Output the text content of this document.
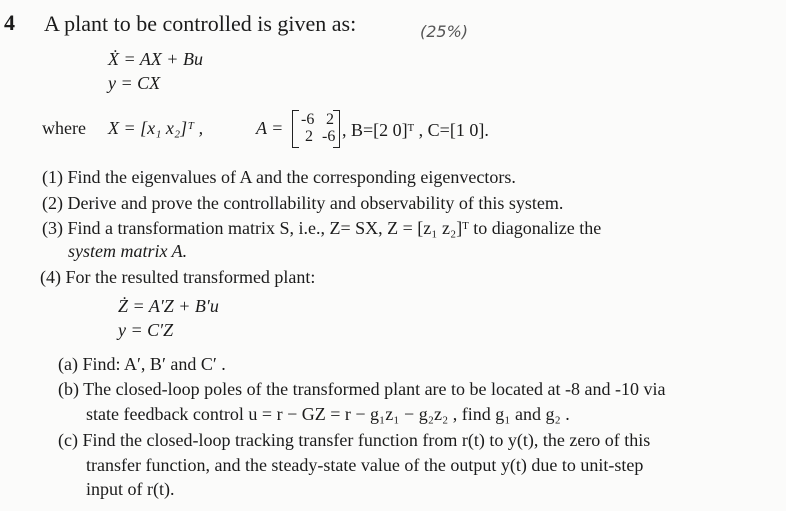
4 A plant to be controlled is given as:	(25%)
Ẋ = AX + Bu
y = CX
where X = [x₁ x₂]ᵀ ,	A = -6 2
2 -6 , B=[2 0]ᵀ , C=[1 0].
(1) Find the eigenvalues of A and the corresponding eigenvectors.
(2) Derive and prove the controllability and observability of this system.
(3) Find a transformation matrix S, i.e., Z= SX, Z = [z₁ z₂]ᵀ to diagonalize the
system matrix A.
(4) For the resulted transformed plant:
Ż = A′Z + B′u
y = C′Z
(a) Find: A′, B′ and C′ .
(b) The closed-loop poles of the transformed plant are to be located at -8 and -10 via
state feedback control u = r − GZ = r − g₁z₁ − g₂z₂ , find g₁ and g₂ .
(c) Find the closed-loop tracking transfer function from r(t) to y(t), the zero of this
transfer function, and the steady-state value of the output y(t) due to unit-step
input of r(t).
